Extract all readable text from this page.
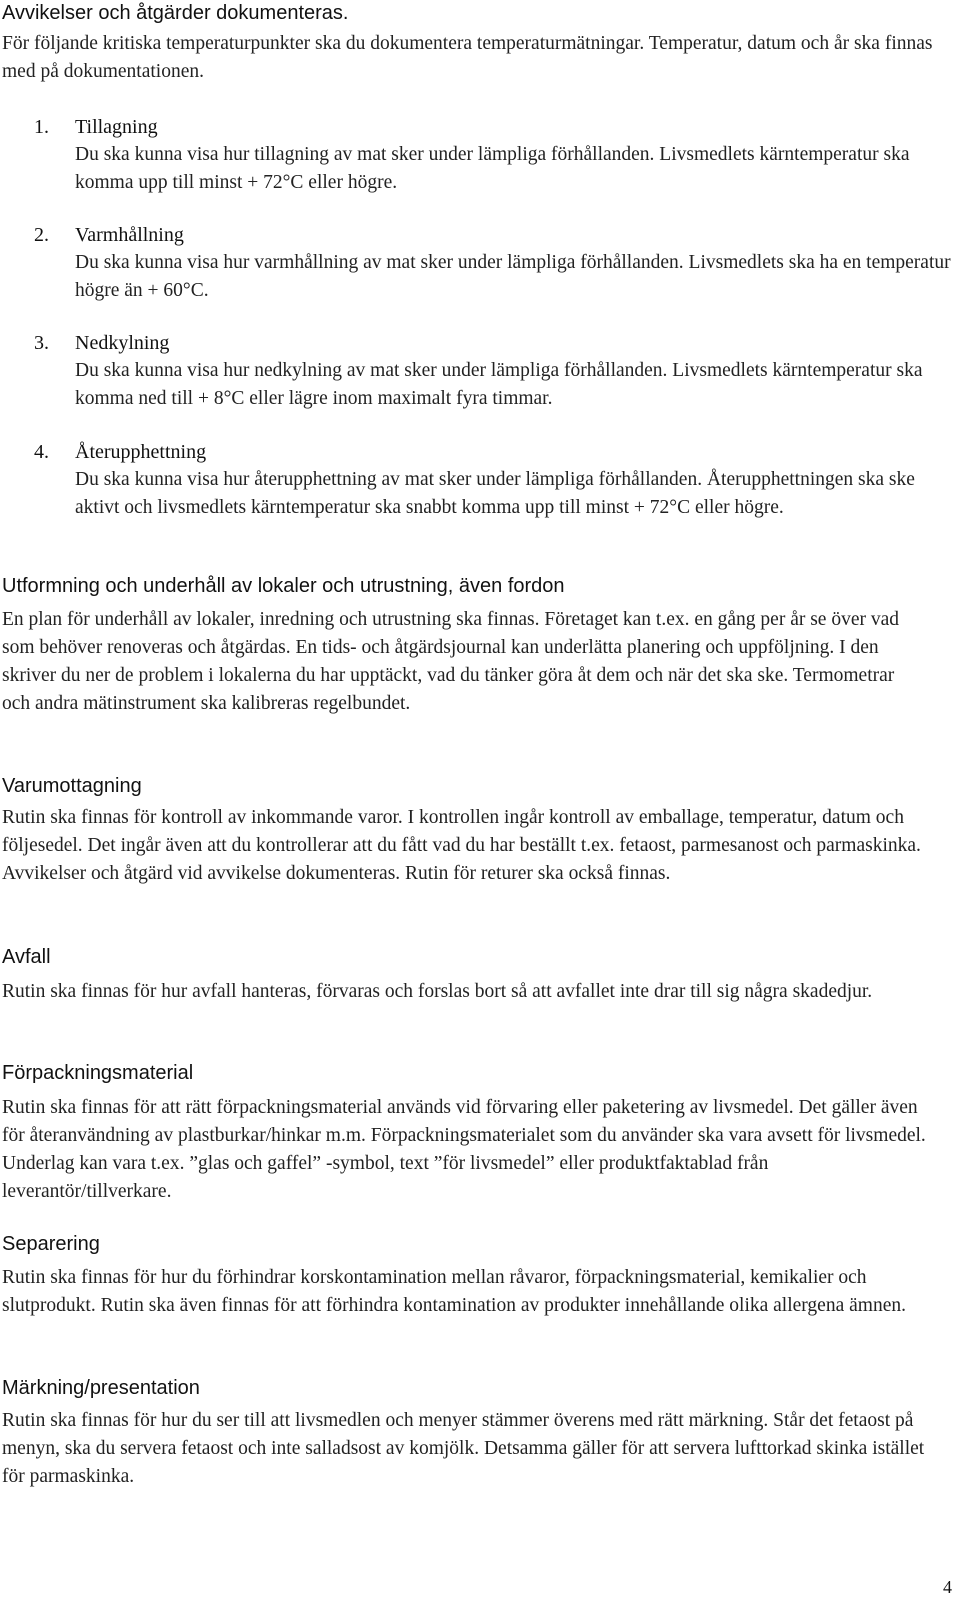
Avvikelser och åtgärder dokumenteras.

För följande kritiska temperaturpunkter ska du dokumentera temperaturmätningar. Temperatur, datum och år ska finnas med på dokumentationen.

1. Tillagning

Du ska kunna visa hur tillagning av mat sker under lämpliga förhållanden. Livsmedlets kärntemperatur ska komma upp till minst + 72°C eller högre.

2. Varmhållning

Du ska kunna visa hur varmhållning av mat sker under lämpliga förhållanden. Livsmedlets ska ha en temperatur högre än + 60°C.

3. Nedkylning

Du ska kunna visa hur nedkylning av mat sker under lämpliga förhållanden. Livsmedlets kärntemperatur ska komma ned till + 8°C eller lägre inom maximalt fyra timmar.

4. Återupphettning

Du ska kunna visa hur återupphettning av mat sker under lämpliga förhållanden. Återupphettningen ska ske aktivt och livsmedlets kärntemperatur ska snabbt komma upp till minst + 72°C eller högre.

Utformning och underhåll av lokaler och utrustning, även fordon

En plan för underhåll av lokaler, inredning och utrustning ska finnas. Företaget kan t.ex. en gång per år se över vad som behöver renoveras och åtgärdas. En tids- och åtgärdsjournal kan underlätta planering och uppföljning. I den skriver du ner de problem i lokalerna du har upptäckt, vad du tänker göra åt dem och när det ska ske. Termometrar och andra mätinstrument ska kalibreras regelbundet.

Varumottagning

Rutin ska finnas för kontroll av inkommande varor. I kontrollen ingår kontroll av emballage, temperatur, datum och följesedel. Det ingår även att du kontrollerar att du fått vad du har beställt t.ex. fetaost, parmesanost och parmaskinka. Avvikelser och åtgärd vid avvikelse dokumenteras. Rutin för returer ska också finnas.

Avfall

Rutin ska finnas för hur avfall hanteras, förvaras och forslas bort så att avfallet inte drar till sig några skadedjur.

Förpackningsmaterial

Rutin ska finnas för att rätt förpackningsmaterial används vid förvaring eller paketering av livsmedel. Det gäller även för återanvändning av plastburkar/hinkar m.m. Förpackningsmaterialet som du använder ska vara avsett för livsmedel. Underlag kan vara t.ex. ”glas och gaffel” -symbol, text ”för livsmedel” eller produktfaktablad från leverantör/tillverkare.

Separering

Rutin ska finnas för hur du förhindrar korskontamination mellan råvaror, förpackningsmaterial, kemikalier och slutprodukt. Rutin ska även finnas för att förhindra kontamination av produkter innehållande olika allergena ämnen.

Märkning/presentation

Rutin ska finnas för hur du ser till att livsmedlen och menyer stämmer överens med rätt märkning. Står det fetaost på menyn, ska du servera fetaost och inte salladsost av komjölk. Detsamma gäller för att servera lufttorkad skinka istället för parmaskinka.

4
